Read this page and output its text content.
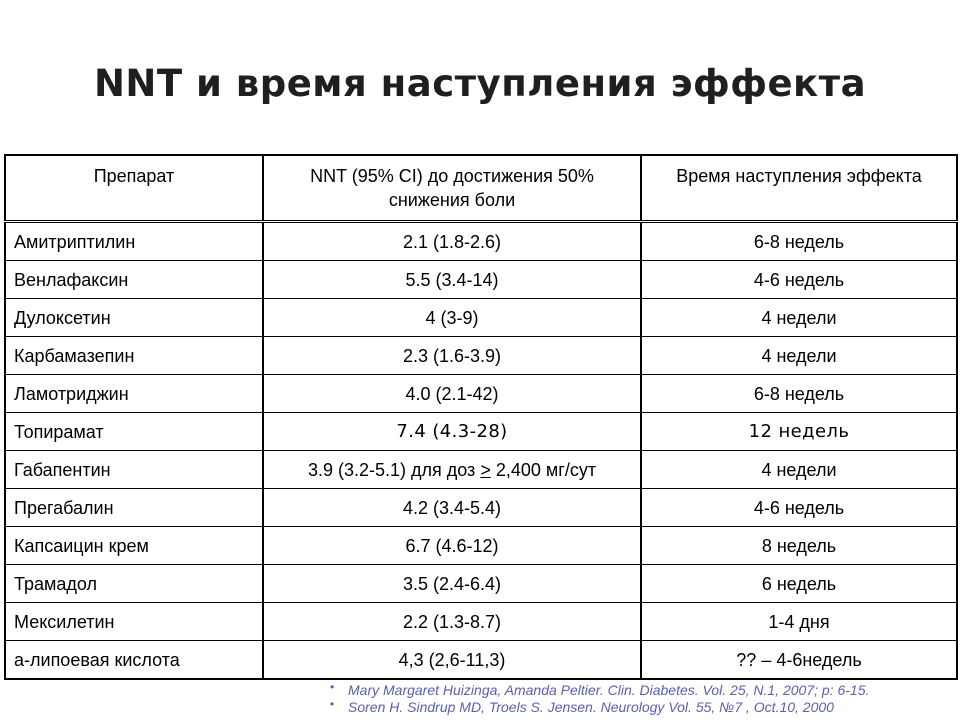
NNT и время наступления эффекта
Препарат	NNT (95% CI) до достижения 50% снижения боли	Время наступления эффекта
Амитриптилин	2.1 (1.8-2.6)	6-8 недель
Венлафаксин	5.5 (3.4-14)	4-6 недель
Дулоксетин	4 (3-9)	4 недели
Карбамазепин	2.3 (1.6-3.9)	4 недели
Ламотриджин	4.0 (2.1-42)	6-8 недель
Топирамат	7.4 (4.3-28)	12 недель
Габапентин	3.9 (3.2-5.1) для доз ≥ 2,400 мг/сут	4 недели
Прегабалин	4.2 (3.4-5.4)	4-6 недель
Капсаицин крем	6.7 (4.6-12)	8 недель
Трамадол	3.5 (2.4-6.4)	6 недель
Мексилетин	2.2 (1.3-8.7)	1-4 дня
а-липоевая кислота	4,3 (2,6-11,3)	?? – 4-6недель
• Mary Margaret Huizinga, Amanda Peltier. Clin. Diabetes. Vol. 25, N.1, 2007; p: 6-15.
• Soren H. Sindrup MD, Troels S. Jensen. Neurology Vol. 55, №7 , Oct.10, 2000
